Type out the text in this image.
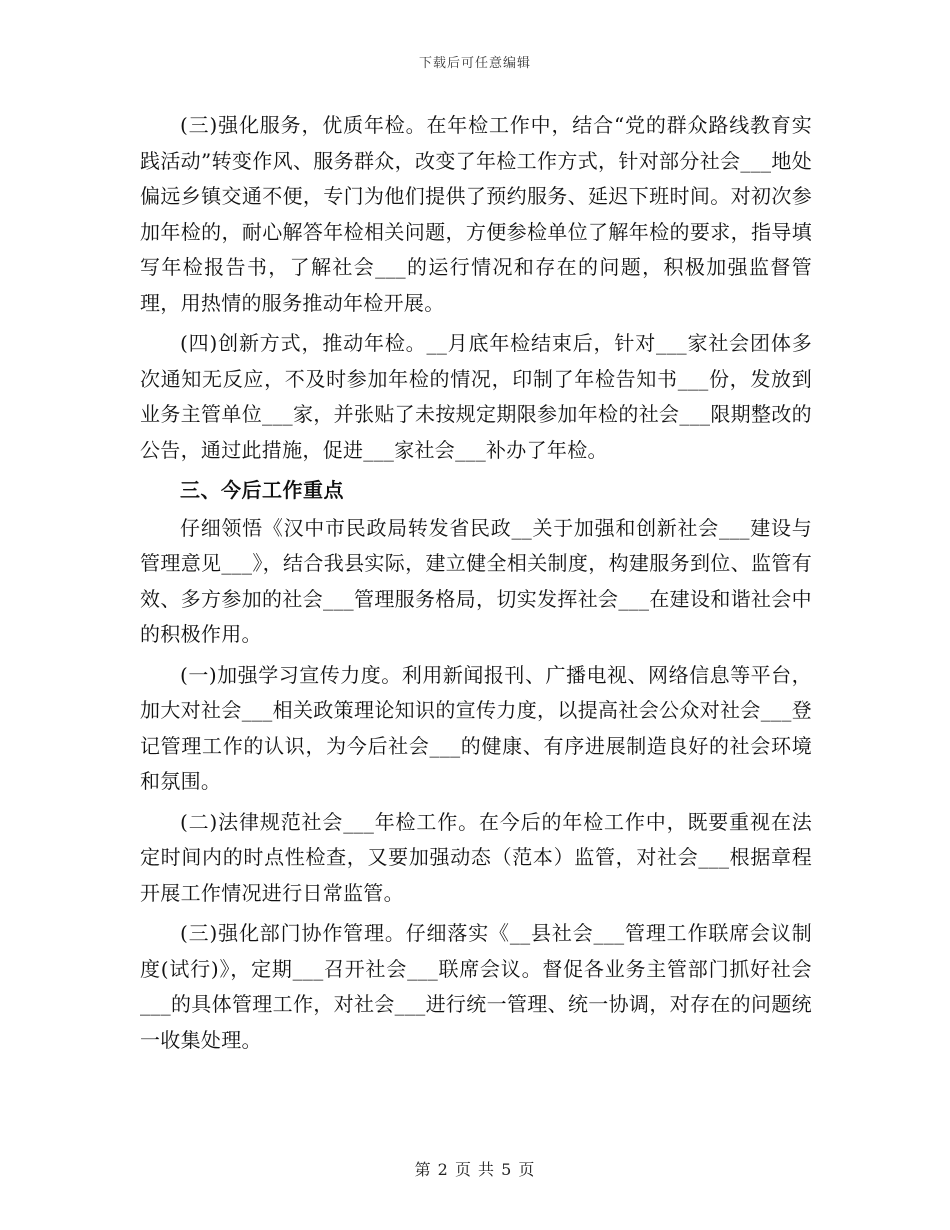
下载后可任意编辑

(三)强化服务，优质年检。在年检工作中，结合“党的群众路线教育实践活动”转变作风、服务群众，改变了年检工作方式，针对部分社会___地处偏远乡镇交通不便，专门为他们提供了预约服务、延迟下班时间。对初次参加年检的，耐心解答年检相关问题，方便参检单位了解年检的要求，指导填写年检报告书，了解社会___的运行情况和存在的问题，积极加强监督管理，用热情的服务推动年检开展。

(四)创新方式，推动年检。__月底年检结束后，针对___家社会团体多次通知无反应，不及时参加年检的情况，印制了年检告知书___份，发放到业务主管单位___家，并张贴了未按规定期限参加年检的社会___限期整改的公告，通过此措施，促进___家社会___补办了年检。

三、今后工作重点

仔细领悟《汉中市民政局转发省民政__关于加强和创新社会___建设与管理意见___》，结合我县实际，建立健全相关制度，构建服务到位、监管有效、多方参加的社会___管理服务格局，切实发挥社会___在建设和谐社会中的积极作用。

(一)加强学习宣传力度。利用新闻报刊、广播电视、网络信息等平台，加大对社会___相关政策理论知识的宣传力度，以提高社会公众对社会___登记管理工作的认识，为今后社会___的健康、有序进展制造良好的社会环境和氛围。

(二)法律规范社会___年检工作。在今后的年检工作中，既要重视在法定时间内的时点性检查，又要加强动态（范本）监管，对社会___根据章程开展工作情况进行日常监管。

(三)强化部门协作管理。仔细落实《__县社会___管理工作联席会议制度(试行)》，定期___召开社会___联席会议。督促各业务主管部门抓好社会___的具体管理工作，对社会___进行统一管理、统一协调，对存在的问题统一收集处理。

第 2 页 共 5 页
